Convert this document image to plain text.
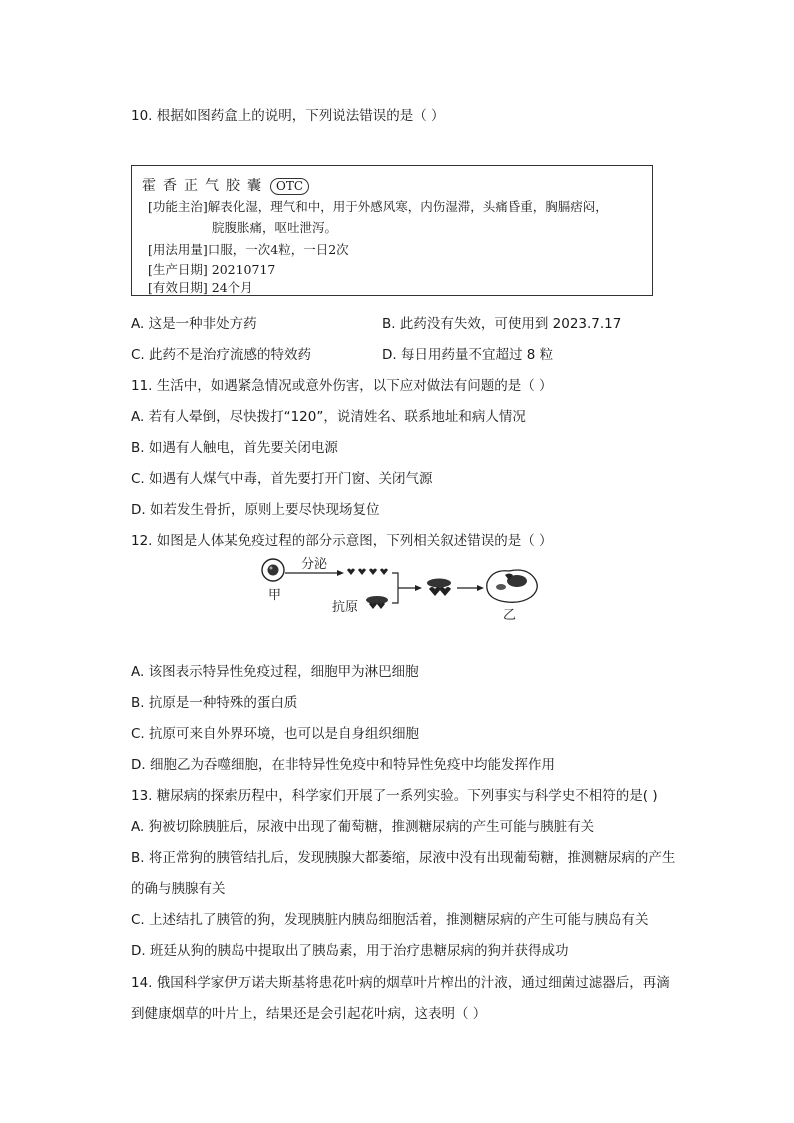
10. 根据如图药盒上的说明，下列说法错误的是（ ）
霍香正气胶囊 OTC
[功能主治]解表化湿，理气和中，用于外感风寒，内伤湿滞，头痛昏重，胸膈痞闷，
脘腹胀痛，呕吐泄泻。
[用法用量]口服，一次4粒，一日2次
[生产日期] 20210717
[有效日期] 24个月
A. 这是一种非处方药	B. 此药没有失效，可使用到 2023.7.17
C. 此药不是治疗流感的特效药	D. 每日用药量不宜超过 8 粒
11. 生活中，如遇紧急情况或意外伤害，以下应对做法有问题的是（ ）
A. 若有人晕倒，尽快拨打“120”，说清姓名、联系地址和病人情况
B. 如遇有人触电，首先要关闭电源
C. 如遇有人煤气中毒，首先要打开门窗、关闭气源
D. 如若发生骨折，原则上要尽快现场复位
12. 如图是人体某免疫过程的部分示意图，下列相关叙述错误的是（ ）
甲
分泌
抗原
乙
A. 该图表示特异性免疫过程，细胞甲为淋巴细胞
B. 抗原是一种特殊的蛋白质
C. 抗原可来自外界环境，也可以是自身组织细胞
D. 细胞乙为吞噬细胞，在非特异性免疫中和特异性免疫中均能发挥作用
13. 糖尿病的探索历程中，科学家们开展了一系列实验。下列事实与科学史不相符的是( )
A. 狗被切除胰脏后，尿液中出现了葡萄糖，推测糖尿病的产生可能与胰脏有关
B. 将正常狗的胰管结扎后，发现胰腺大都萎缩，尿液中没有出现葡萄糖，推测糖尿病的产生
的确与胰腺有关
C. 上述结扎了胰管的狗，发现胰脏内胰岛细胞活着，推测糖尿病的产生可能与胰岛有关
D. 班廷从狗的胰岛中提取出了胰岛素，用于治疗患糖尿病的狗并获得成功
14. 俄国科学家伊万诺夫斯基将患花叶病的烟草叶片榨出的汁液，通过细菌过滤器后，再滴
到健康烟草的叶片上，结果还是会引起花叶病，这表明（ ）
